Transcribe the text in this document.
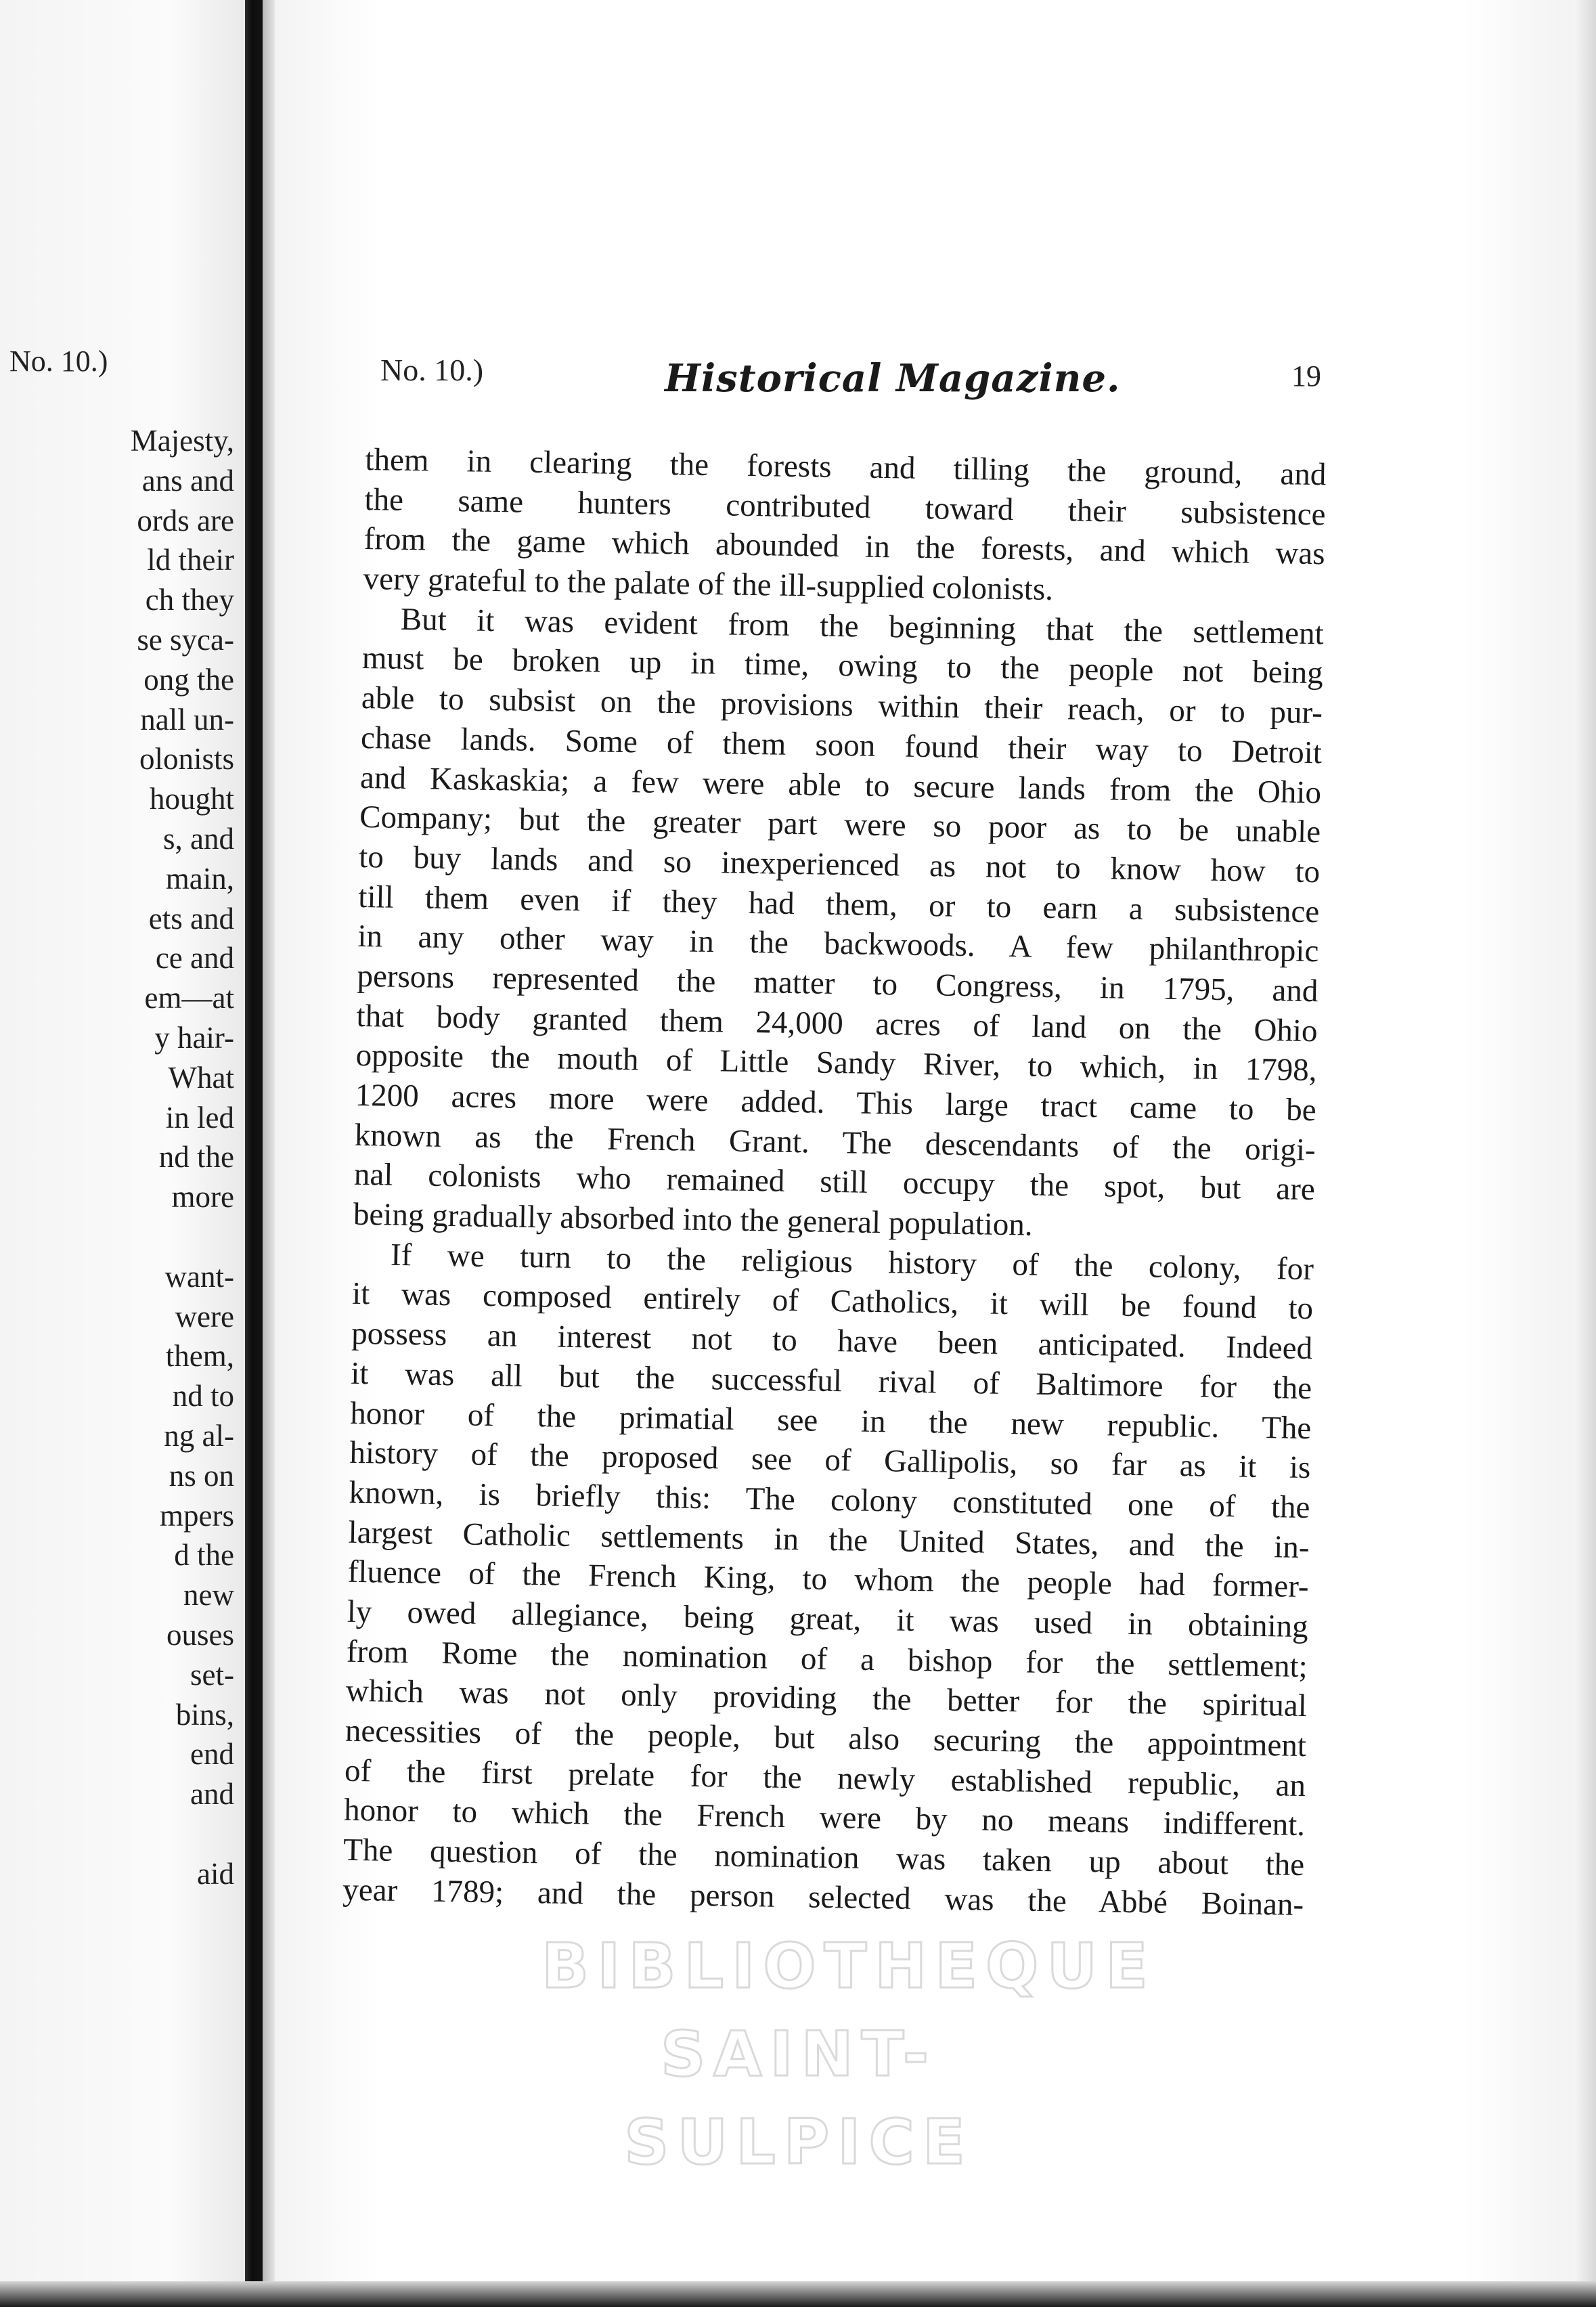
No. 10.)
Majesty,
ans and
ords are
ld their
ch they
se syca-
ong the
nall un-
olonists
hought
s, and
main,
ets and
ce and
em—at
y hair-
What
in led
nd the
more
want-
were
them,
nd to
ng al-
ns on
mpers
d the
new
ouses
set-
bins,
end
and
aid
No. 10.)	Historical Magazine.	19
them in clearing the forests and tilling the ground, and
the same hunters contributed toward their subsistence
from the game which abounded in the forests, and which was
very grateful to the palate of the ill-supplied colonists.
But it was evident from the beginning that the settlement
must be broken up in time, owing to the people not being
able to subsist on the provisions within their reach, or to pur-
chase lands. Some of them soon found their way to Detroit
and Kaskaskia; a few were able to secure lands from the Ohio
Company; but the greater part were so poor as to be unable
to buy lands and so inexperienced as not to know how to
till them even if they had them, or to earn a subsistence
in any other way in the backwoods. A few philanthropic
persons represented the matter to Congress, in 1795, and
that body granted them 24,000 acres of land on the Ohio
opposite the mouth of Little Sandy River, to which, in 1798,
1200 acres more were added. This large tract came to be
known as the French Grant. The descendants of the origi-
nal colonists who remained still occupy the spot, but are
being gradually absorbed into the general population.
If we turn to the religious history of the colony, for
it was composed entirely of Catholics, it will be found to
possess an interest not to have been anticipated. Indeed
it was all but the successful rival of Baltimore for the
honor of the primatial see in the new republic. The
history of the proposed see of Gallipolis, so far as it is
known, is briefly this: The colony constituted one of the
largest Catholic settlements in the United States, and the in-
fluence of the French King, to whom the people had former-
ly owed allegiance, being great, it was used in obtaining
from Rome the nomination of a bishop for the settlement;
which was not only providing the better for the spiritual
necessities of the people, but also securing the appointment
of the first prelate for the newly established republic, an
honor to which the French were by no means indifferent.
The question of the nomination was taken up about the
year 1789; and the person selected was the Abbé Boinan-
BIBLIOTHEQUE
SAINT-SULPICE
